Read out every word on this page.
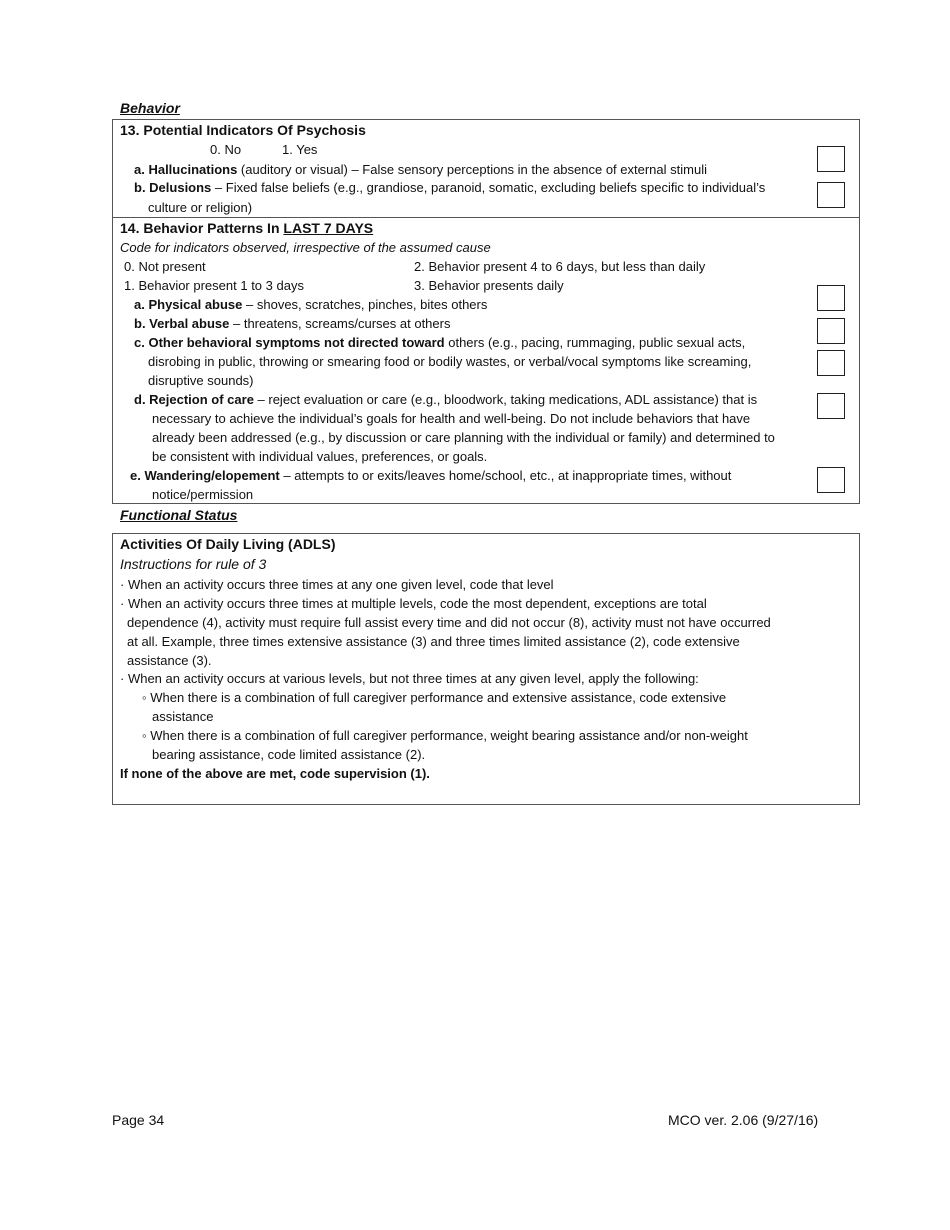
Behavior
13. Potential Indicators Of Psychosis
0. No	1. Yes
a. Hallucinations (auditory or visual) – False sensory perceptions in the absence of external stimuli
b. Delusions – Fixed false beliefs (e.g., grandiose, paranoid, somatic, excluding beliefs specific to individual’s
culture or religion)
14. Behavior Patterns In LAST 7 DAYS
Code for indicators observed, irrespective of the assumed cause
0. Not present	2. Behavior present 4 to 6 days, but less than daily
1. Behavior present 1 to 3 days	3. Behavior presents daily
a. Physical abuse – shoves, scratches, pinches, bites others
b. Verbal abuse – threatens, screams/curses at others
c. Other behavioral symptoms not directed toward others (e.g., pacing, rummaging, public sexual acts,
disrobing in public, throwing or smearing food or bodily wastes, or verbal/vocal symptoms like screaming,
disruptive sounds)
d. Rejection of care – reject evaluation or care (e.g., bloodwork, taking medications, ADL assistance) that is
necessary to achieve the individual’s goals for health and well-being. Do not include behaviors that have
already been addressed (e.g., by discussion or care planning with the individual or family) and determined to
be consistent with individual values, preferences, or goals.
e. Wandering/elopement – attempts to or exits/leaves home/school, etc., at inappropriate times, without
notice/permission
Functional Status
Activities Of Daily Living (ADLS)
Instructions for rule of 3
· When an activity occurs three times at any one given level, code that level
· When an activity occurs three times at multiple levels, code the most dependent, exceptions are total
dependence (4), activity must require full assist every time and did not occur (8), activity must not have occurred
at all. Example, three times extensive assistance (3) and three times limited assistance (2), code extensive
assistance (3).
· When an activity occurs at various levels, but not three times at any given level, apply the following:
◦ When there is a combination of full caregiver performance and extensive assistance, code extensive
assistance
◦ When there is a combination of full caregiver performance, weight bearing assistance and/or non-weight
bearing assistance, code limited assistance (2).
If none of the above are met, code supervision (1).
Page 34	MCO ver. 2.06 (9/27/16)
